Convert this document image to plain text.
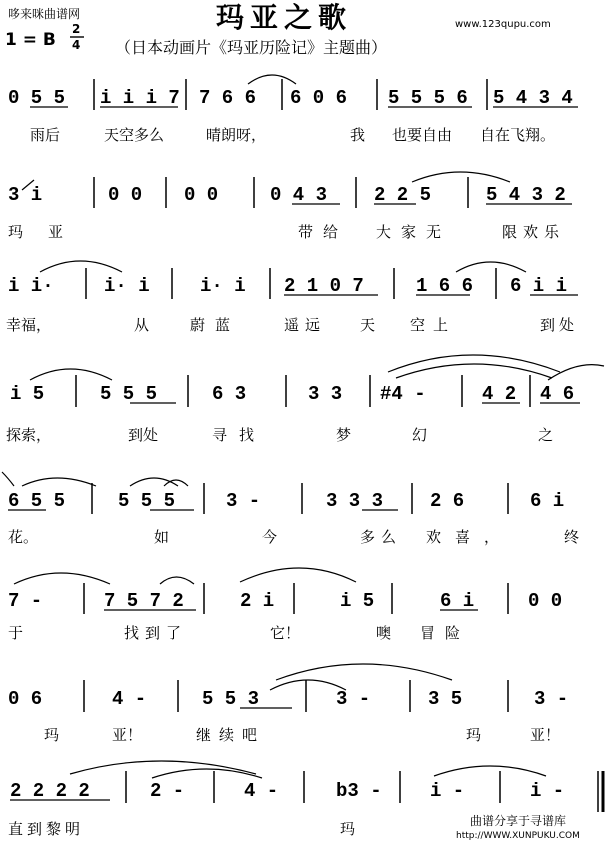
哆来咪曲谱网	玛亚之歌	www.123qupu.com
1 = B
2
4 （日本动画片《玛亚历险记》主题曲）
0 5 5 i i i 7 7 6 6 6 0 6 5 5 5 6 5 4 3 4
雨后	天空多么	晴朗呀，	我 也要自由 自在飞翔。
3 i	0 0 0 0	0 4 3 2 2 5	5 4 3 2
玛 亚	带给 大家无	限欢乐
i i·	i· i	i· i 2 1 0 7	1 6 6 6 i i
幸福，	从	蔚蓝	遥远 天 空上	到处
i 5	5 5 5	6 3	3 3 #4 -	4 2 4 6
探索，	到处	寻找	梦	幻	之
6 5 5	5 5 5	3 -	3 3 3 2 6	6 i
花。	如	今	多么 欢喜，	终
7 -	7 5 7 2	2 i	i 5	6 i	0 0
于	找到了	它！	噢 冒险
0 6	4 -	5 5 3	3 -	3 5	3 -
玛	亚！	继续吧	玛	亚！
2 2 2 2	2 -	4 -	b3 -	i -	i -
直到黎明	玛	曲谱分享于寻谱库
http://WWW.XUNPUKU.COM
